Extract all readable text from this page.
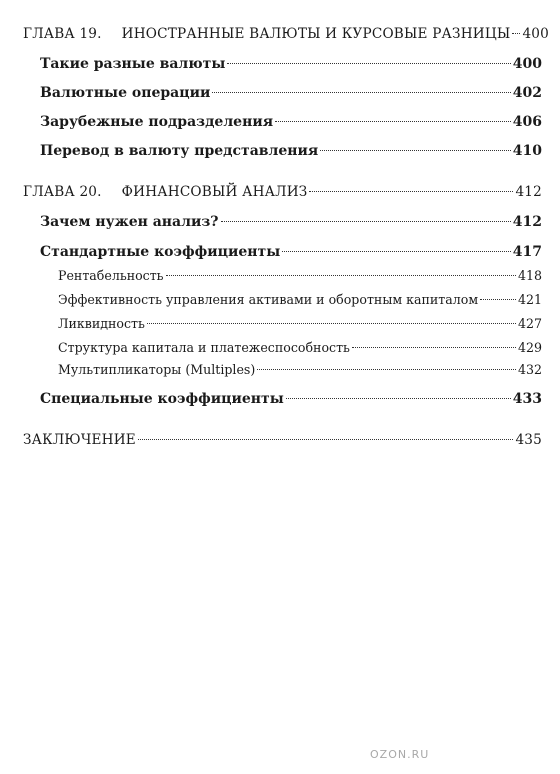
ГЛАВА 19. ИНОСТРАННЫЕ ВАЛЮТЫ И КУРСОВЫЕ РАЗНИЦЫ 400
Такие разные валюты	400
Валютные операции	402
Зарубежные подразделения	406
Перевод в валюту представления	410
ГЛАВА 20. ФИНАНСОВЫЙ АНАЛИЗ	412
Зачем нужен анализ?	412
Стандартные коэффициенты	417
Рентабельность	418
Эффективность управления активами и оборотным капиталом	421
Ликвидность	427
Структура капитала и платежеспособность	429
Мультипликаторы (Multiples)	432
Специальные коэффициенты	433
ЗАКЛЮЧЕНИЕ	435
OZON.RU
